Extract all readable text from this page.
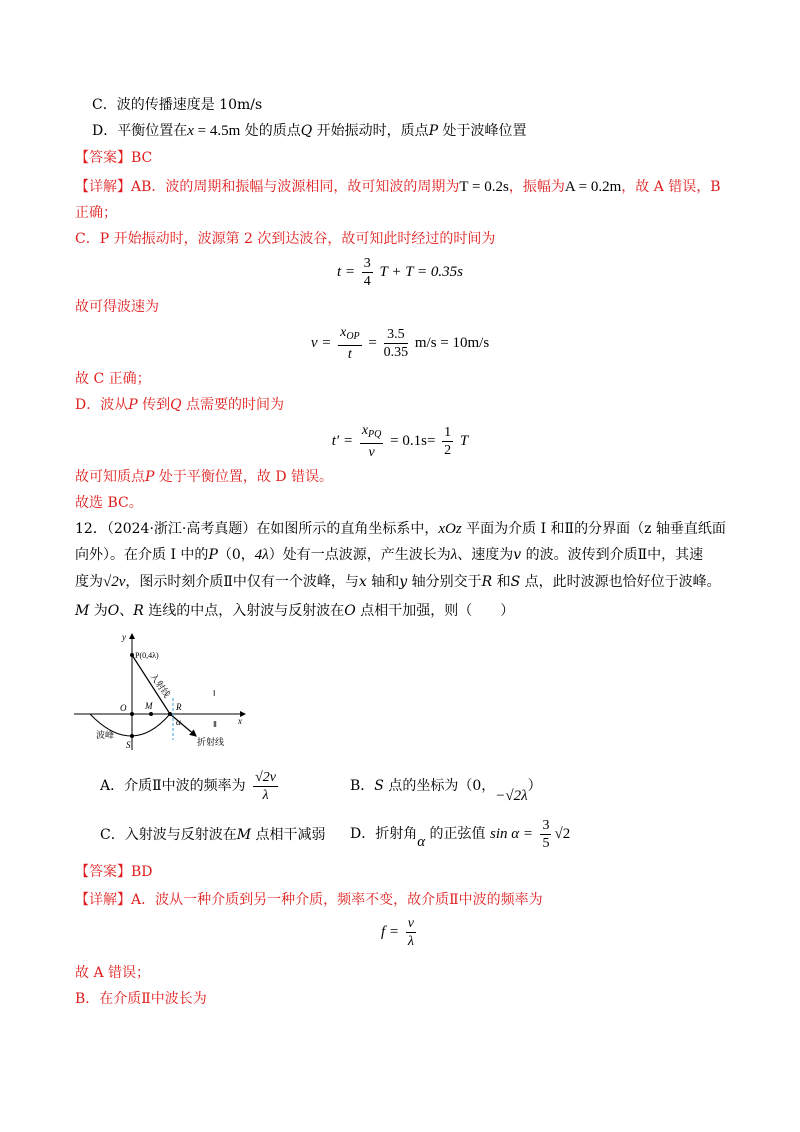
C．波的传播速度是 10m/s
D．平衡位置在x = 4.5m 处的质点Q 开始振动时，质点P 处于波峰位置
【答案】BC
【详解】AB．波的周期和振幅与波源相同，故可知波的周期为T = 0.2s，振幅为A = 0.2m，故 A 错误，B
正确；
C．P 开始振动时，波源第 2 次到达波谷，故可知此时经过的时间为
$t = \frac{3}{4}$ T + T = 0.35s
故可得波速为
$v = \frac{x_{OP}}{t} = \frac{3.5}{0.35} m/s = 10m/s$
故 C 正确；
D．波从P 传到Q 点需要的时间为
$t' = \frac{x_{PQ}}{v} = 0.1s= \frac{1}{2}$ T
故可知质点P 处于平衡位置，故 D 错误。
故选 BC。
12．（2024·浙江·高考真题）在如图所示的直角坐标系中，xOz 平面为介质 Ⅰ 和Ⅱ的分界面（z 轴垂直纸面
向外）。在介质 Ⅰ 中的P（0，4λ）处有一点波源，产生波长为λ、速度为v 的波。波传到介质Ⅱ中，其速
度为√2v，图示时刻介质Ⅱ中仅有一个波峰，与x 轴和y 轴分别交于R 和S 点，此时波源也恰好位于波峰。
M 为O、R 连线的中点，入射波与反射波在O 点相干加强，则（　　）
y
x
P(0,4λ)
入射线
O M	R
S
α
Ⅰ
Ⅱ
波峰
折射线
A．介质Ⅱ中波的频率为 $\frac{√2v}{\lambda}$	B．S 点的坐标为（0，−√2λ）
C．入射波与反射波在M 点相干减弱 D．折射角α 的正弦值 $\sin \alpha = \frac{3}{5} √2$
【答案】BD
【详解】A．波从一种介质到另一种介质，频率不变，故介质Ⅱ中波的频率为
$f = \frac{v}{\lambda}$
故 A 错误；
B．在介质Ⅱ中波长为
